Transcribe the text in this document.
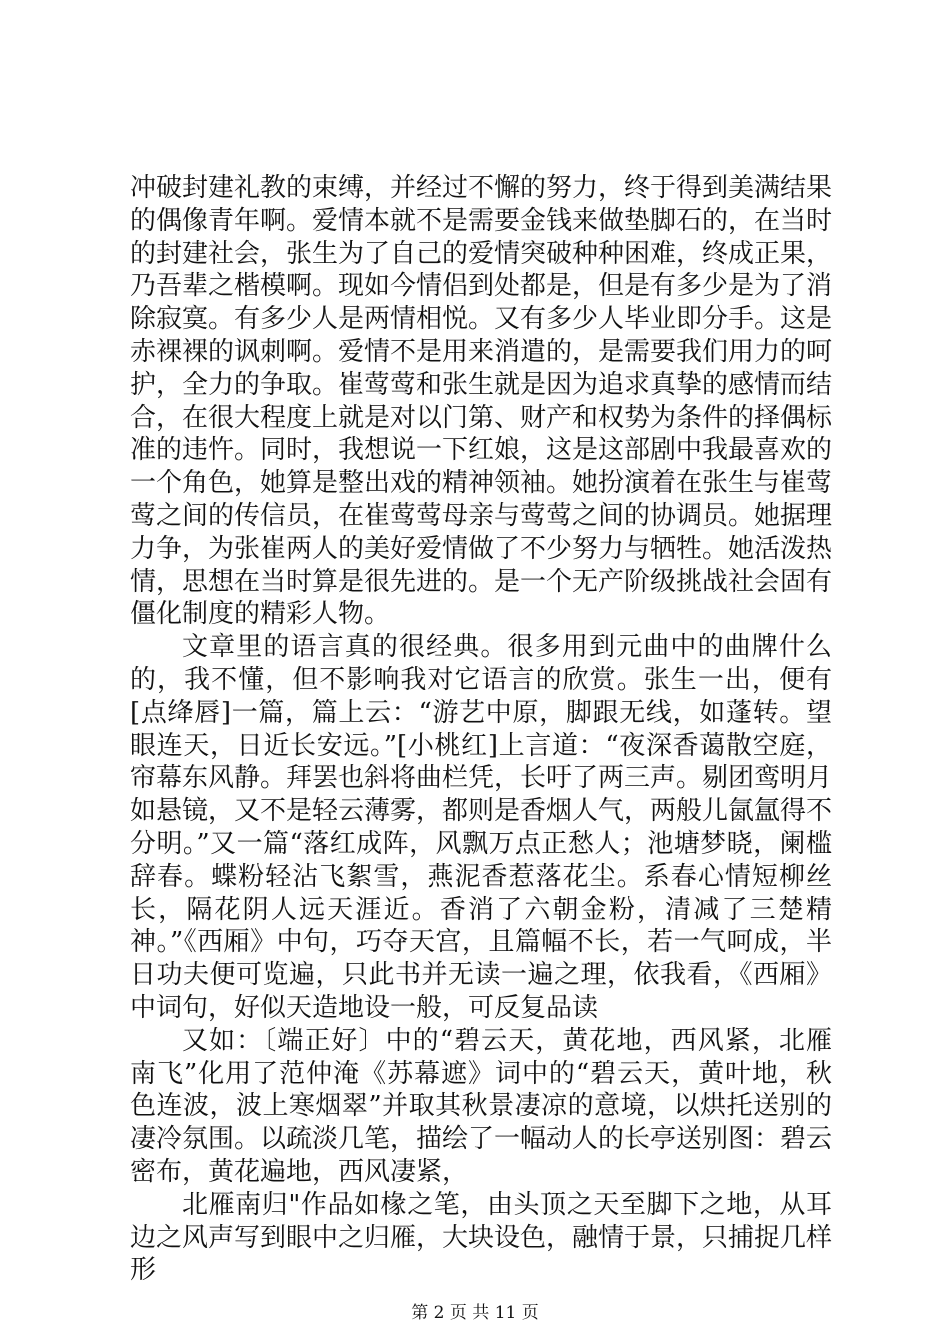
冲破封建礼教的束缚，并经过不懈的努力，终于得到美满结果的偶像青年啊。爱情本就不是需要金钱来做垫脚石的，在当时的封建社会，张生为了自己的爱情突破种种困难，终成正果，乃吾辈之楷模啊。现如今情侣到处都是，但是有多少是为了消除寂寞。有多少人是两情相悦。又有多少人毕业即分手。这是赤裸裸的讽刺啊。爱情不是用来消遣的，是需要我们用力的呵护，全力的争取。崔莺莺和张生就是因为追求真挚的感情而结合，在很大程度上就是对以门第、财产和权势为条件的择偶标准的违忤。同时，我想说一下红娘，这是这部剧中我最喜欢的一个角色，她算是整出戏的精神领袖。她扮演着在张生与崔莺莺之间的传信员，在崔莺莺母亲与莺莺之间的协调员。她据理力争，为张崔两人的美好爱情做了不少努力与牺牲。她活泼热情，思想在当时算是很先进的。是一个无产阶级挑战社会固有僵化制度的精彩人物。

文章里的语言真的很经典。很多用到元曲中的曲牌什么的，我不懂，但不影响我对它语言的欣赏。张生一出，便有[点绛唇]一篇，篇上云：“游艺中原，脚跟无线，如蓬转。望眼连天，日近长安远。”[小桃红]上言道：“夜深香蔼散空庭，帘幕东风静。拜罢也斜将曲栏凭，长吁了两三声。剔团鸾明月如悬镜，又不是轻云薄雾，都则是香烟人气，两般儿氤氲得不分明。”又一篇“落红成阵，风飘万点正愁人；池塘梦晓，阑槛辞春。蝶粉轻沾飞絮雪，燕泥香惹落花尘。系春心情短柳丝长，隔花阴人远天涯近。香消了六朝金粉，清减了三楚精神。”《西厢》中句，巧夺天宫，且篇幅不长，若一气呵成，半日功夫便可览遍，只此书并无读一遍之理，依我看，《西厢》中词句，好似天造地设一般，可反复品读

又如：〔端正好〕中的“碧云天，黄花地，西风紧，北雁南飞”化用了范仲淹《苏幕遮》词中的“碧云天，黄叶地，秋色连波，波上寒烟翠”并取其秋景凄凉的意境，以烘托送别的凄冷氛围。以疏淡几笔，描绘了一幅动人的长亭送别图：碧云密布，黄花遍地，西风凄紧，

北雁南归"作品如椽之笔，由头顶之天至脚下之地，从耳边之风声写到眼中之归雁，大块设色，融情于景，只捕捉几样形

第 2 页 共 11 页
